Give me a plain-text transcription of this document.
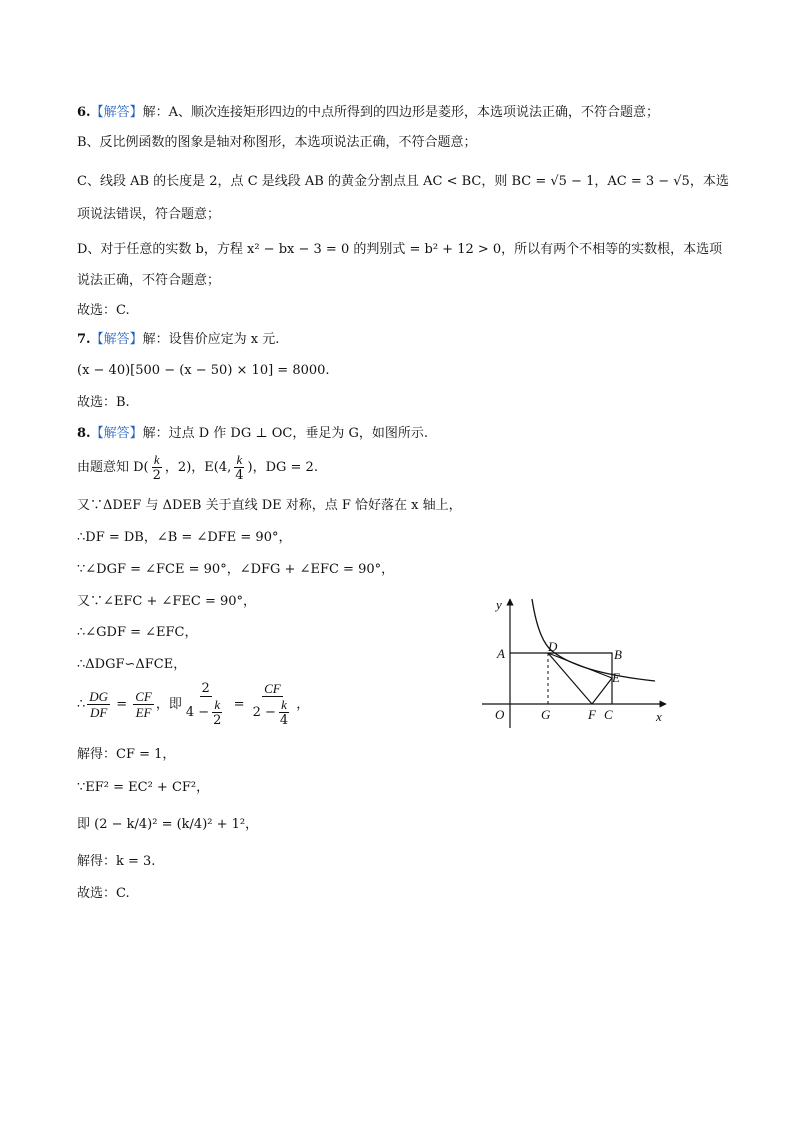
6.【解答】解：A、顺次连接矩形四边的中点所得到的四边形是菱形，本选项说法正确，不符合题意；
B、反比例函数的图象是轴对称图形，本选项说法正确，不符合题意；
C、线段 AB 的长度是 2，点 C 是线段 AB 的黄金分割点且 AC < BC，则 BC = √5 − 1，AC = 3 − √5，本选
项说法错误，符合题意；
D、对于任意的实数 b，方程 x² − bx − 3 = 0 的判别式 = b² + 12 > 0，所以有两个不相等的实数根，本选项
说法正确，不符合题意；
故选：C.
7.【解答】解：设售价应定为 x 元.
(x − 40)[500 − (x − 50) × 10] = 8000.
故选：B.
8.【解答】解：过点 D 作 DG ⊥ OC，垂足为 G，如图所示.
由题意知 $D( \frac{k}{2}$ ，2)，E(4, $\frac{k}{4}$ )，DG = 2.
又∵ΔDEF 与 ΔDEB 关于直线 DE 对称，点 F 恰好落在 x 轴上，
∴DF = DB，∠B = ∠DFE = 90°，
∵∠DGF = ∠FCE = 90°，∠DFG + ∠EFC = 90°，
又∵∠EFC + ∠FEC = 90°，
∴∠GDF = ∠EFC，
∴ΔDGF∽ΔFCE，
∴ $\frac{DG}{DF} = \frac{CF}{EF}$ ，即 $\frac{2}{4 - \frac{k}{2}} = \frac{CF}{2 - \frac{k}{4}}$ ，
解得：CF = 1，
∵EF² = EC² + CF²，
即 (2 − k/4)² = (k/4)² + 1²，
解得：k = 3.
故选：C.
y
x
O
A	B
D
E
G	F C
